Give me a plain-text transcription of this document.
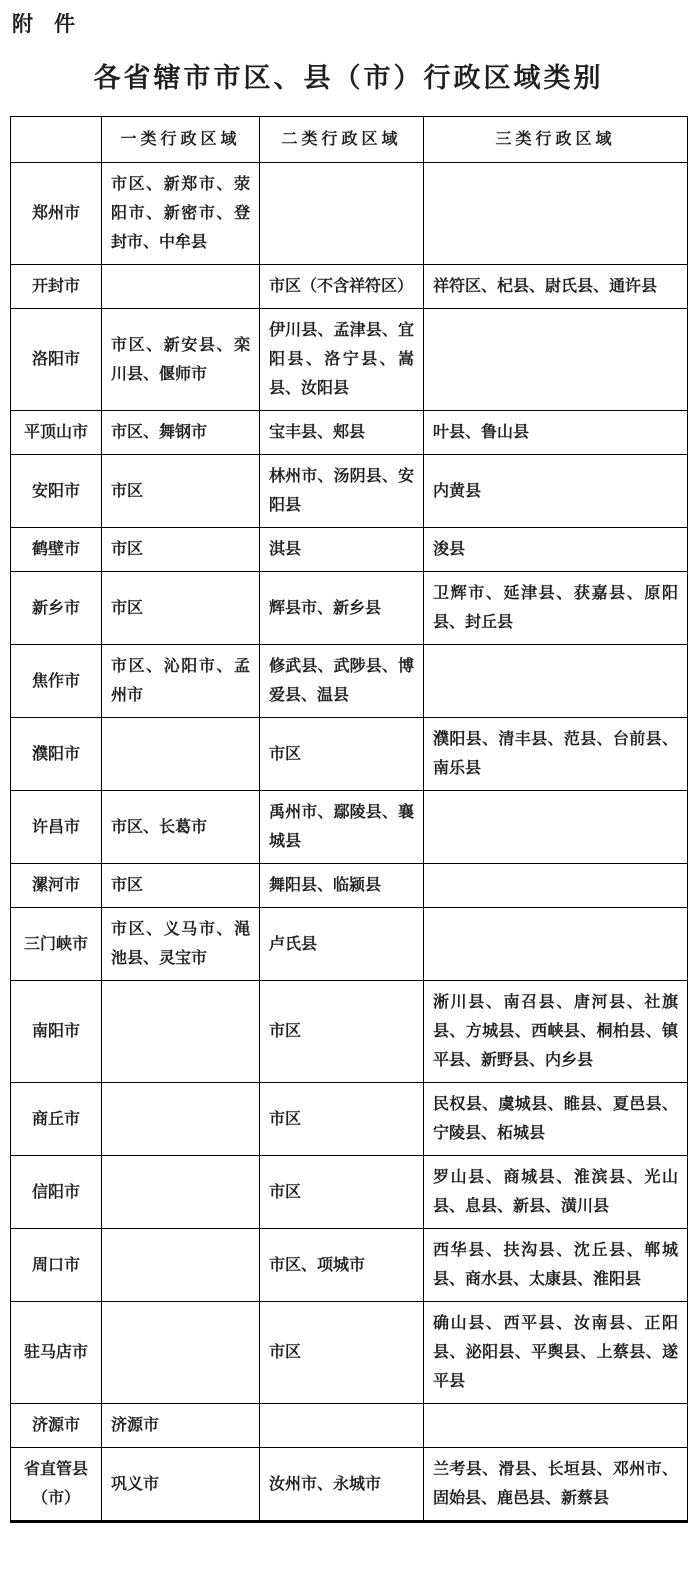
附　件
各省辖市市区、县（市）行政区域类别
	一类行政区域	二类行政区域	三类行政区域
郑州市	市区、新郑市、荥阳市、新密市、登封市、中牟县		
开封市		市区（不含祥符区）	祥符区、杞县、尉氏县、通许县
洛阳市	市区、新安县、栾川县、偃师市	伊川县、孟津县、宜阳县、洛宁县、嵩县、汝阳县	
平顶山市	市区、舞钢市	宝丰县、郏县	叶县、鲁山县
安阳市	市区	林州市、汤阴县、安阳县	内黄县
鹤壁市	市区	淇县	浚县
新乡市	市区	辉县市、新乡县	卫辉市、延津县、获嘉县、原阳县、封丘县
焦作市	市区、沁阳市、孟州市	修武县、武陟县、博爱县、温县	
濮阳市		市区	濮阳县、清丰县、范县、台前县、南乐县
许昌市	市区、长葛市	禹州市、鄢陵县、襄城县	
漯河市	市区	舞阳县、临颍县	
三门峡市	市区、义马市、渑池县、灵宝市	卢氏县	
南阳市		市区	淅川县、南召县、唐河县、社旗县、方城县、西峡县、桐柏县、镇平县、新野县、内乡县
商丘市		市区	民权县、虞城县、睢县、夏邑县、宁陵县、柘城县
信阳市		市区	罗山县、商城县、淮滨县、光山县、息县、新县、潢川县
周口市		市区、项城市	西华县、扶沟县、沈丘县、郸城县、商水县、太康县、淮阳县
驻马店市		市区	确山县、西平县、汝南县、正阳县、泌阳县、平舆县、上蔡县、遂平县
济源市	济源市		
省直管县（市）	巩义市	汝州市、永城市	兰考县、滑县、长垣县、邓州市、固始县、鹿邑县、新蔡县
